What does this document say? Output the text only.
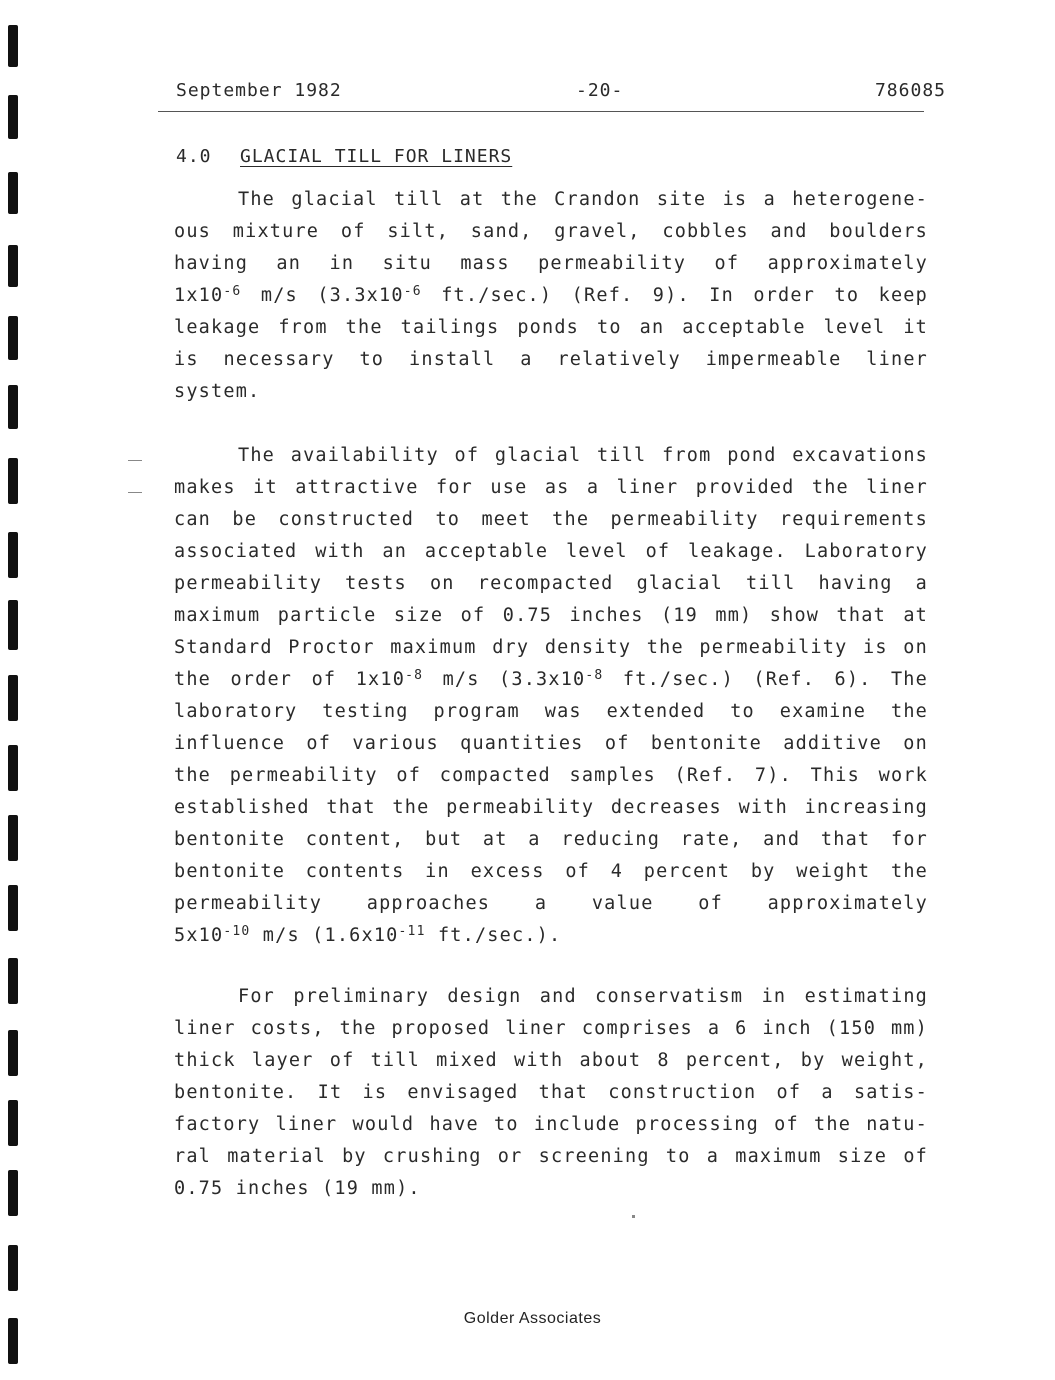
September 1982	-20-	786085
4.0 GLACIAL TILL FOR LINERS
The glacial till at the Crandon site is a heterogene-
ous mixture of silt, sand, gravel, cobbles and boulders
having an in situ mass permeability of approximately
$1x10^{-6}$ m/s ($3.3x10^{-6}$ ft./sec.) (Ref. 9). In order to keep
leakage from the tailings ponds to an acceptable level it
is necessary to install a relatively impermeable liner
system.
The availability of glacial till from pond excavations
makes it attractive for use as a liner provided the liner
can be constructed to meet the permeability requirements
associated with an acceptable level of leakage. Laboratory
permeability tests on recompacted glacial till having a
maximum particle size of 0.75 inches (19 mm) show that at
Standard Proctor maximum dry density the permeability is on
the order of $1x10^{-8}$ m/s ($3.3x10^{-8}$ ft./sec.) (Ref. 6). The
laboratory testing program was extended to examine the
influence of various quantities of bentonite additive on
the permeability of compacted samples (Ref. 7). This work
established that the permeability decreases with increasing
bentonite content, but at a reducing rate, and that for
bentonite contents in excess of 4 percent by weight the
permeability approaches a value of approximately
$5x10^{-10}$ m/s ($1.6x10^{-11}$ ft./sec.).
For preliminary design and conservatism in estimating
liner costs, the proposed liner comprises a 6 inch (150 mm)
thick layer of till mixed with about 8 percent, by weight,
bentonite. It is envisaged that construction of a satis-
factory liner would have to include processing of the natu-
ral material by crushing or screening to a maximum size of
0.75 inches (19 mm).
Golder Associates
